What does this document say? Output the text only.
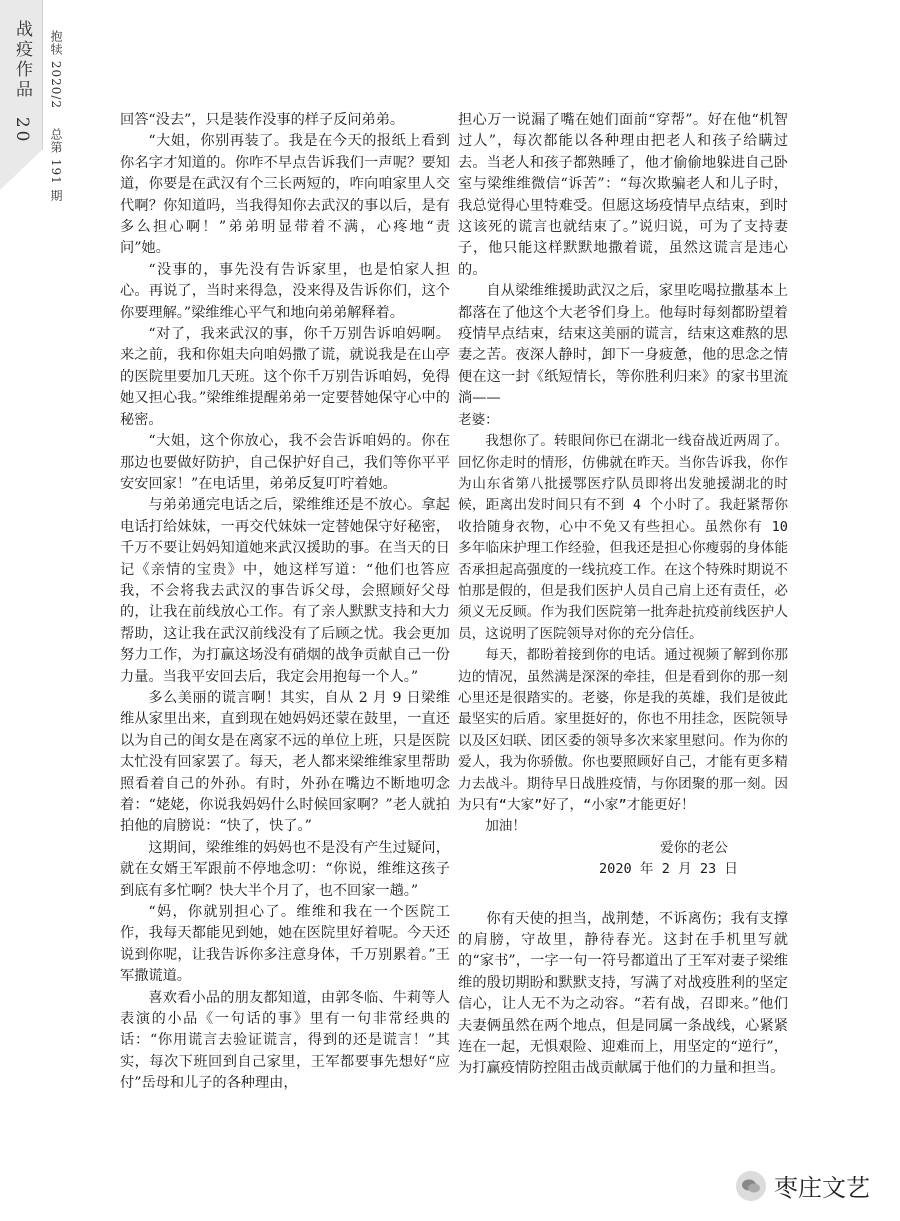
战疫作品  20
抱犊 2020/2 总第 191 期

回答“没去”，只是装作没事的样子反问弟弟。

“大姐，你别再装了。我是在今天的报纸上看到你名字才知道的。你咋不早点告诉我们一声呢？要知道，你要是在武汉有个三长两短的，咋向咱家里人交代啊？你知道吗，当我得知你去武汉的事以后，是有多么担心啊！”弟弟明显带着不满，心疼地“责问”她。

“没事的，事先没有告诉家里，也是怕家人担心。再说了，当时来得急，没来得及告诉你们，这个你要理解。”梁维维心平气和地向弟弟解释着。

“对了，我来武汉的事，你千万别告诉咱妈啊。来之前，我和你姐夫向咱妈撒了谎，就说我是在山亭的医院里要加几天班。这个你千万别告诉咱妈，免得她又担心我。”梁维维提醒弟弟一定要替她保守心中的秘密。

“大姐，这个你放心，我不会告诉咱妈的。你在那边也要做好防护，自己保护好自己，我们等你平平安安回家！”在电话里，弟弟反复叮咛着她。

与弟弟通完电话之后，梁维维还是不放心。拿起电话打给妹妹，一再交代妹妹一定替她保守好秘密，千万不要让妈妈知道她来武汉援助的事。在当天的日记《亲情的宝贵》中，她这样写道：“他们也答应我，不会将我去武汉的事告诉父母，会照顾好父母的，让我在前线放心工作。有了亲人默默支持和大力帮助，这让我在武汉前线没有了后顾之忧。我会更加努力工作，为打赢这场没有硝烟的战争贡献自己一份力量。当我平安回去后，我定会用抱每一个人。”

多么美丽的谎言啊！其实，自从 2 月 9 日梁维维从家里出来，直到现在她妈妈还蒙在鼓里，一直还以为自己的闺女是在离家不远的单位上班，只是医院太忙没有回家罢了。每天，老人都来梁维维家里帮助照看着自己的外孙。有时，外孙在嘴边不断地叨念着：“姥姥，你说我妈妈什么时候回家啊？”老人就拍拍他的肩膀说：“快了，快了。”

这期间，梁维维的妈妈也不是没有产生过疑问，就在女婿王军跟前不停地念叨：“你说，维维这孩子到底有多忙啊？快大半个月了，也不回家一趟。”

“妈，你就别担心了。维维和我在一个医院工作，我每天都能见到她，她在医院里好着呢。今天还说到你呢，让我告诉你多注意身体，千万别累着。”王军撒谎道。

喜欢看小品的朋友都知道，由郭冬临、牛莉等人表演的小品《一句话的事》里有一句非常经典的话：“你用谎言去验证谎言，得到的还是谎言！”其实，每次下班回到自己家里，王军都要事先想好“应付”岳母和儿子的各种理由，

担心万一说漏了嘴在她们面前“穿帮”。好在他“机智过人”，每次都能以各种理由把老人和孩子给瞒过去。当老人和孩子都熟睡了，他才偷偷地躲进自己卧室与梁维维微信“诉苦”：“每次欺骗老人和儿子时，我总觉得心里特难受。但愿这场疫情早点结束，到时这该死的谎言也就结束了。”说归说，可为了支持妻子，他只能这样默默地撒着谎，虽然这谎言是违心的。

自从梁维维援助武汉之后，家里吃喝拉撒基本上都落在了他这个大老爷们身上。他每时每刻都盼望着疫情早点结束，结束这美丽的谎言，结束这难熬的思妻之苦。夜深人静时，卸下一身疲惫，他的思念之情便在这一封《纸短情长，等你胜利归来》的家书里流淌——

老婆：

我想你了。转眼间你已在湖北一线奋战近两周了。回忆你走时的情形，仿佛就在昨天。当你告诉我，你作为山东省第八批援鄂医疗队员即将出发驰援湖北的时候，距离出发时间只有不到 4 个小时了。我赶紧帮你收拾随身衣物，心中不免又有些担心。虽然你有 10 多年临床护理工作经验，但我还是担心你瘦弱的身体能否承担起高强度的一线抗疫工作。在这个特殊时期说不怕那是假的，但是我们医护人员自己肩上还有责任，必须义无反顾。作为我们医院第一批奔赴抗疫前线医护人员，这说明了医院领导对你的充分信任。

每天，都盼着接到你的电话。通过视频了解到你那边的情况，虽然满是深深的牵挂，但是看到你的那一刻心里还是很踏实的。老婆，你是我的英雄，我们是彼此最坚实的后盾。家里挺好的，你也不用挂念，医院领导以及区妇联、团区委的领导多次来家里慰问。作为你的爱人，我为你骄傲。你也要照顾好自己，才能有更多精力去战斗。期待早日战胜疫情，与你团聚的那一刻。因为只有“大家”好了，“小家”才能更好！

加油！

爱你的老公

2020 年 2 月 23 日

你有天使的担当，战荆楚，不诉离伤；我有支撑的肩膀，守故里，静待春光。这封在手机里写就的“家书”，一字一句一符号都道出了王军对妻子梁维维的殷切期盼和默默支持，写满了对战疫胜利的坚定信心，让人无不为之动容。“若有战，召即来。”他们夫妻俩虽然在两个地点，但是同属一条战线，心紧紧连在一起，无惧艰险、迎难而上，用坚定的“逆行”，为打赢疫情防控阻击战贡献属于他们的力量和担当。

枣庄文艺
